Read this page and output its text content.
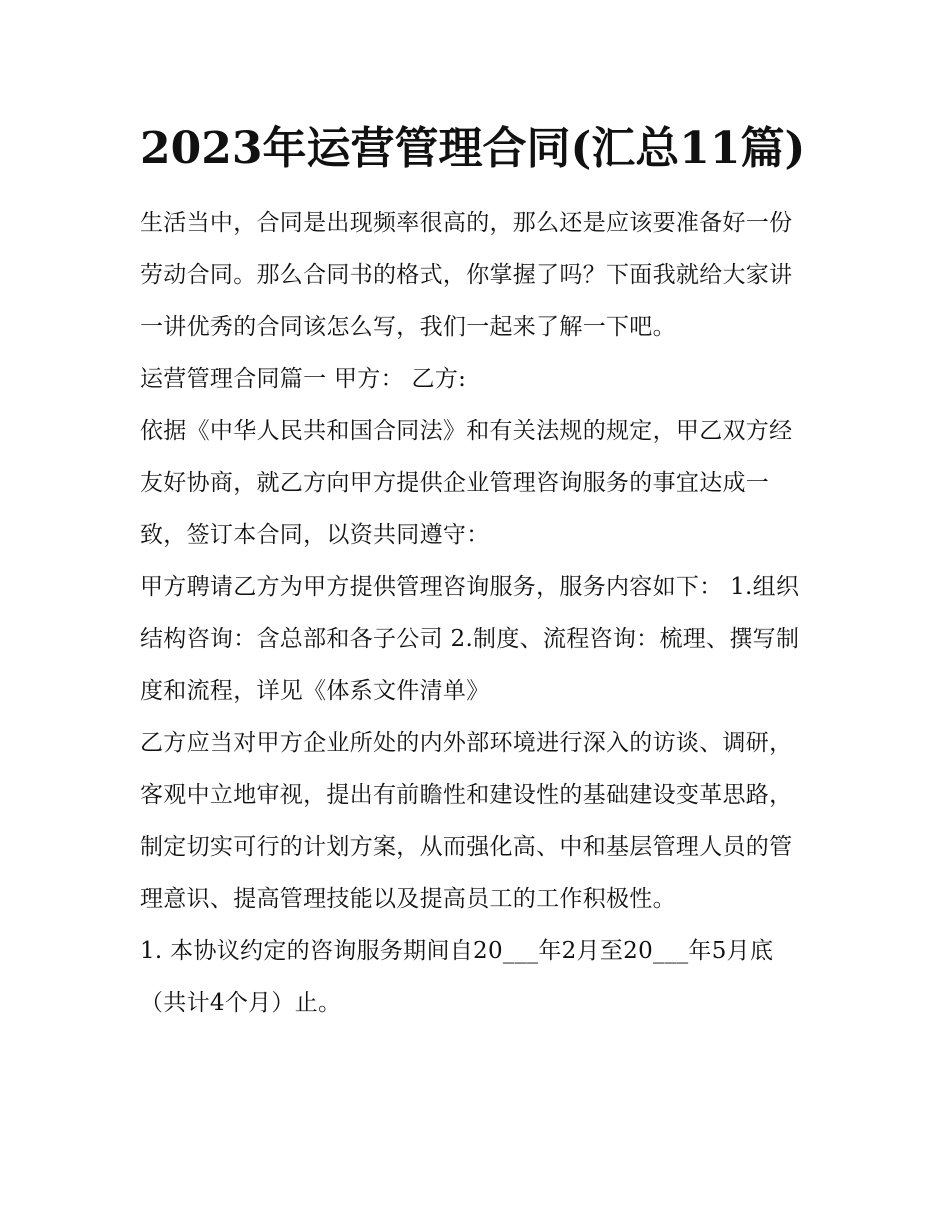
2023年运营管理合同(汇总11篇)

生活当中，合同是出现频率很高的，那么还是应该要准备好一份劳动合同。那么合同书的格式，你掌握了吗？下面我就给大家讲一讲优秀的合同该怎么写，我们一起来了解一下吧。

运营管理合同篇一 甲方： 乙方:

依据《中华人民共和国合同法》和有关法规的规定，甲乙双方经友好协商，就乙方向甲方提供企业管理咨询服务的事宜达成一致，签订本合同，以资共同遵守：

甲方聘请乙方为甲方提供管理咨询服务，服务内容如下： 1.组织结构咨询：含总部和各子公司 2.制度、流程咨询：梳理、撰写制度和流程，详见《体系文件清单》

乙方应当对甲方企业所处的内外部环境进行深入的访谈、调研，客观中立地审视，提出有前瞻性和建设性的基础建设变革思路，制定切实可行的计划方案，从而强化高、中和基层管理人员的管理意识、提高管理技能以及提高员工的工作积极性。

1. 本协议约定的咨询服务期间自20___年2月至20___年5月底（共计4个月）止。
